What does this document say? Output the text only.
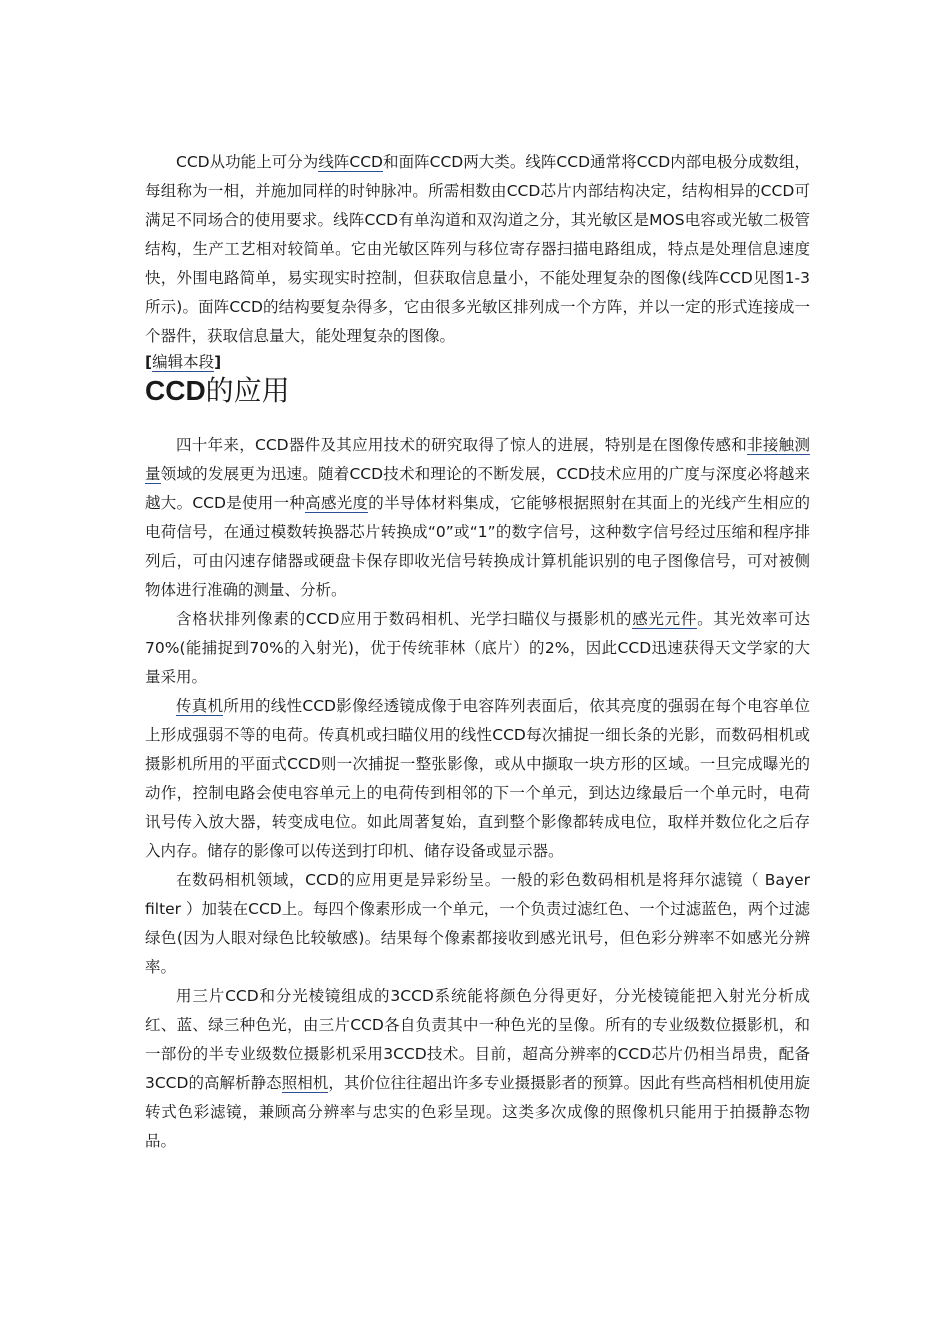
CCD从功能上可分为线阵CCD和面阵CCD两大类。线阵CCD通常将CCD内部电极分成数组，每组称为一相，并施加同样的时钟脉冲。所需相数由CCD芯片内部结构决定，结构相异的CCD可满足不同场合的使用要求。线阵CCD有单沟道和双沟道之分，其光敏区是MOS电容或光敏二极管结构，生产工艺相对较简单。它由光敏区阵列与移位寄存器扫描电路组成，特点是处理信息速度快，外围电路简单，易实现实时控制，但获取信息量小，不能处理复杂的图像(线阵CCD见图1-3所示)。面阵CCD的结构要复杂得多，它由很多光敏区排列成一个方阵，并以一定的形式连接成一个器件，获取信息量大，能处理复杂的图像。

[编辑本段]
CCD的应用

四十年来，CCD器件及其应用技术的研究取得了惊人的进展，特别是在图像传感和非接触测量领域的发展更为迅速。随着CCD技术和理论的不断发展，CCD技术应用的广度与深度必将越来越大。CCD是使用一种高感光度的半导体材料集成，它能够根据照射在其面上的光线产生相应的电荷信号，在通过模数转换器芯片转换成“0”或“1”的数字信号，这种数字信号经过压缩和程序排列后，可由闪速存储器或硬盘卡保存即收光信号转换成计算机能识别的电子图像信号，可对被侧物体进行准确的测量、分析。

含格状排列像素的CCD应用于数码相机、光学扫瞄仪与摄影机的感光元件。其光效率可达70%(能捕捉到70%的入射光)，优于传统菲林（底片）的2%，因此CCD迅速获得天文学家的大量采用。

传真机所用的线性CCD影像经透镜成像于电容阵列表面后，依其亮度的强弱在每个电容单位上形成强弱不等的电荷。传真机或扫瞄仪用的线性CCD每次捕捉一细长条的光影，而数码相机或摄影机所用的平面式CCD则一次捕捉一整张影像，或从中撷取一块方形的区域。一旦完成曝光的动作，控制电路会使电容单元上的电荷传到相邻的下一个单元，到达边缘最后一个单元时，电荷讯号传入放大器，转变成电位。如此周著复始，直到整个影像都转成电位，取样并数位化之后存入内存。储存的影像可以传送到打印机、储存设备或显示器。

在数码相机领域，CCD的应用更是异彩纷呈。一般的彩色数码相机是将拜尔滤镜（ Bayer filter ）加装在CCD上。每四个像素形成一个单元，一个负责过滤红色、一个过滤蓝色，两个过滤绿色(因为人眼对绿色比较敏感)。结果每个像素都接收到感光讯号，但色彩分辨率不如感光分辨率。

用三片CCD和分光棱镜组成的3CCD系统能将颜色分得更好，分光棱镜能把入射光分析成红、蓝、绿三种色光，由三片CCD各自负责其中一种色光的呈像。所有的专业级数位摄影机，和一部份的半专业级数位摄影机采用3CCD技术。目前，超高分辨率的CCD芯片仍相当昂贵，配备3CCD的高解析静态照相机，其价位往往超出许多专业摄摄影者的预算。因此有些高档相机使用旋转式色彩滤镜，兼顾高分辨率与忠实的色彩呈现。这类多次成像的照像机只能用于拍摄静态物品。
